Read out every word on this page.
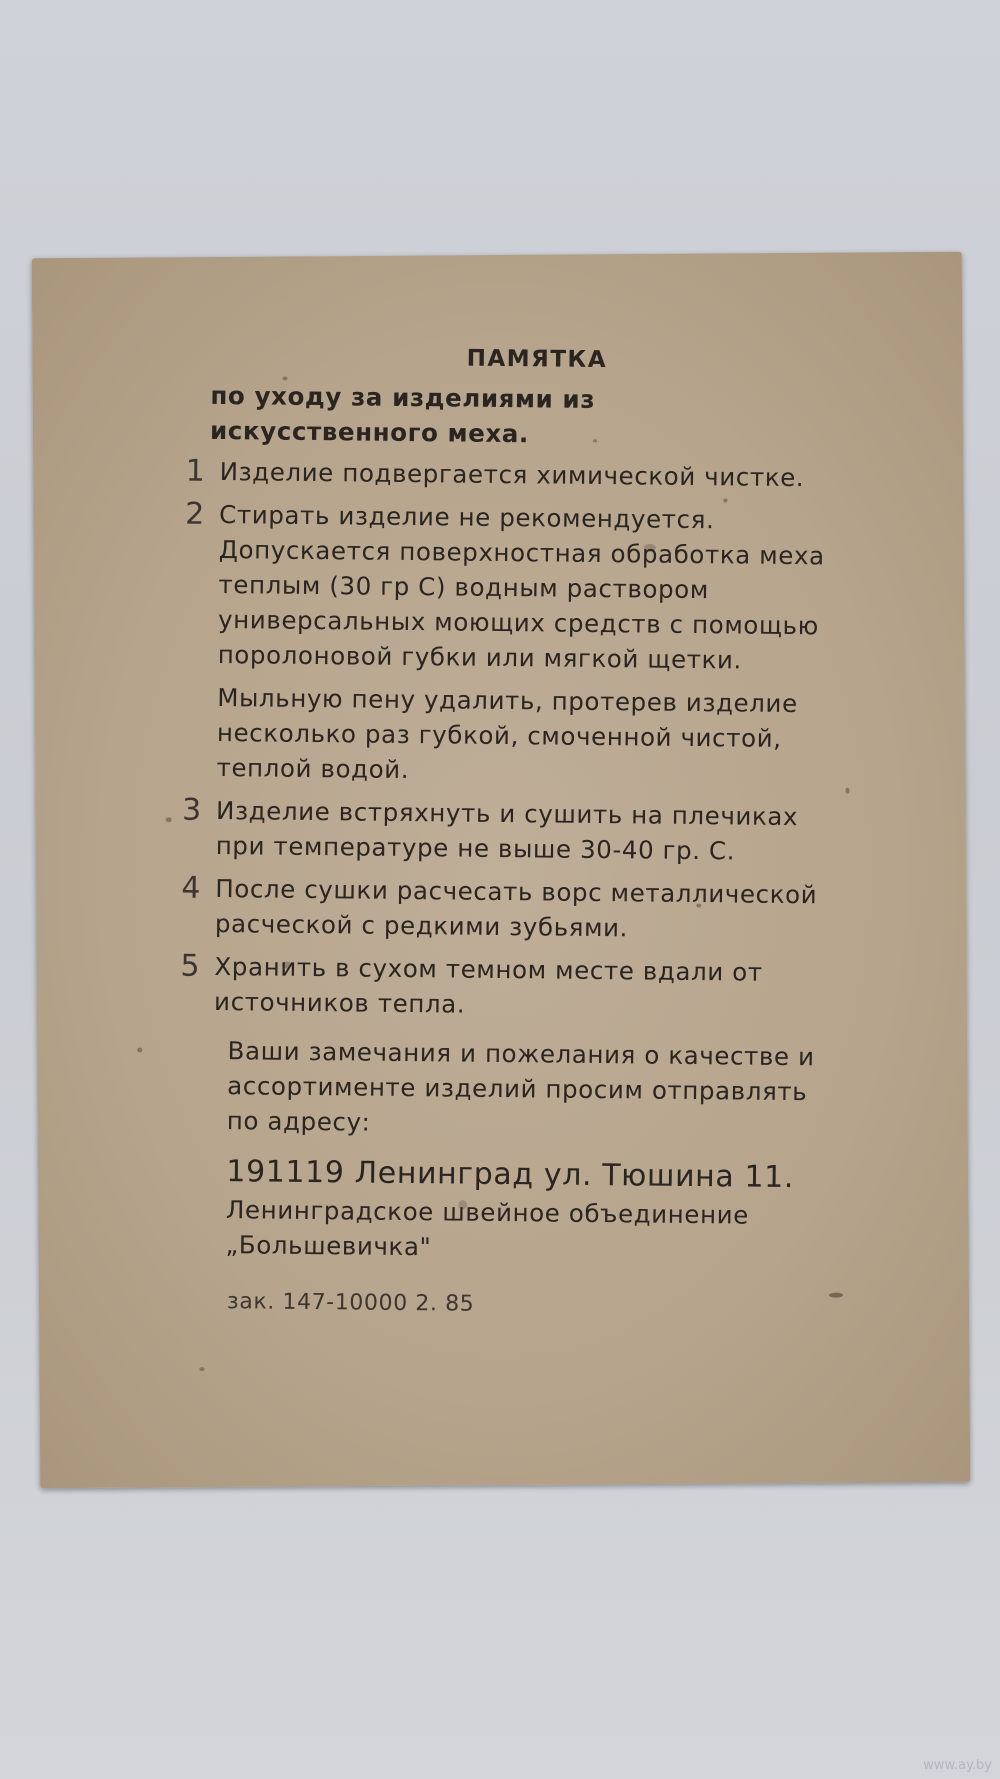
ПАМЯТКА
по уходу за изделиями из искусственного меха.
1 Изделие подвергается химической чистке.

2 Стирать изделие не рекомендуется. Допускается поверхностная обработка меха теплым (30 гр С) водным раствором универсальных моющих средств с помощью поролоновой губки или мягкой щетки.

Мыльную пену удалить, протерев изделие несколько раз губкой, смоченной чистой, теплой водой.

3 Изделие встряхнуть и сушить на плечиках при температуре не выше 30-40 гр. С.

4 После сушки расчесать ворс металлической расческой с редкими зубьями.

5 Хранить в сухом темном месте вдали от источников тепла.

Ваши замечания и пожелания о качестве и ассортименте изделий просим отправлять по адресу:
191119 Ленинград ул. Тюшина 11.
Ленинградское швейное объединение
„Большевичка"
зак. 147-10000 2. 85
www.ay.by
